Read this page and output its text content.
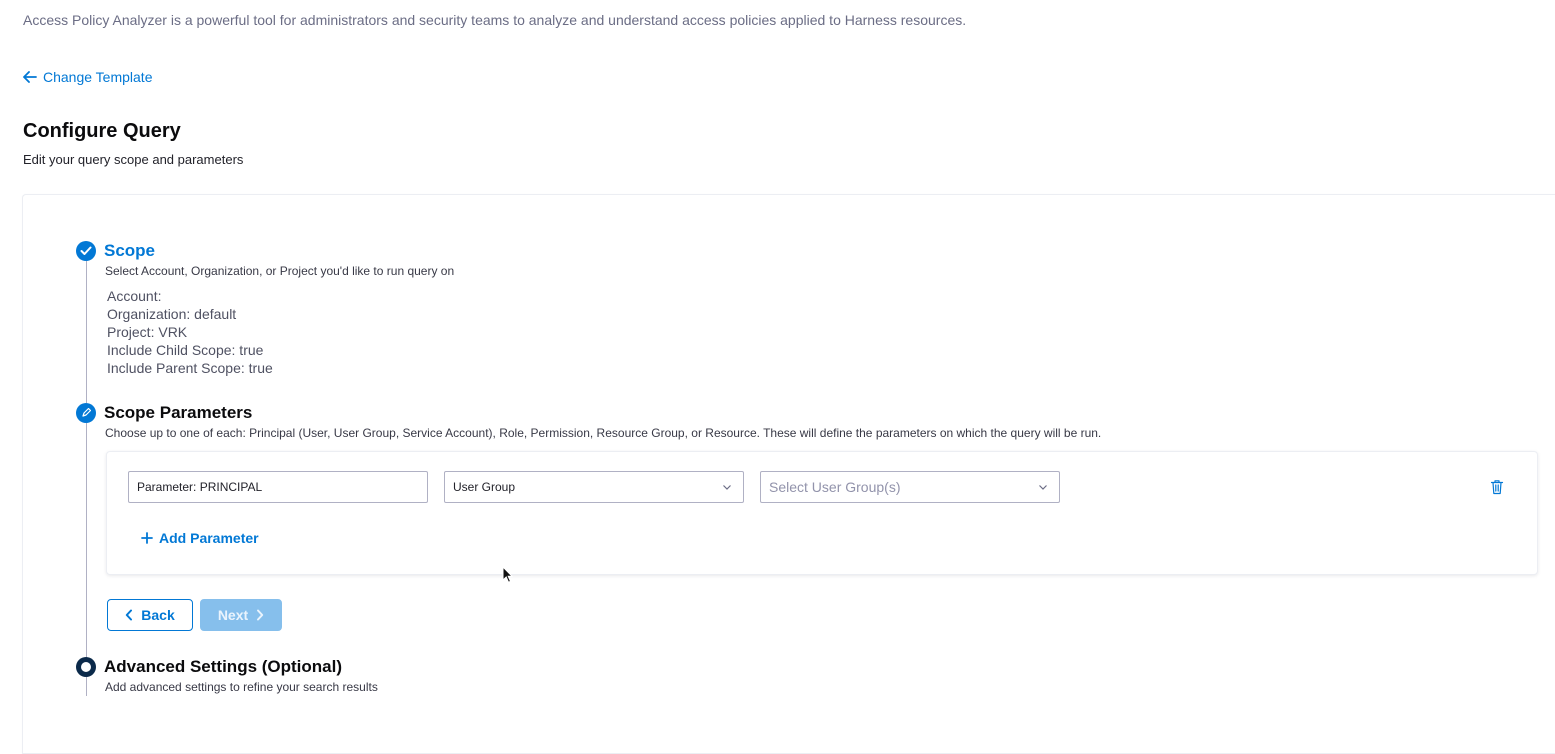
Access Policy Analyzer is a powerful tool for administrators and security teams to analyze and understand access policies applied to Harness resources.
Change Template
Configure Query
Edit your query scope and parameters
Scope
Select Account, Organization, or Project you'd like to run query on
Account:
Organization: default
Project: VRK
Include Child Scope: true
Include Parent Scope: true
Scope Parameters
Choose up to one of each: Principal (User, User Group, Service Account), Role, Permission, Resource Group, or Resource. These will define the parameters on which the query will be run.
Parameter: PRINCIPAL	User Group	Select User Group(s)
Add Parameter
Back	Next
Advanced Settings (Optional)
Add advanced settings to refine your search results
